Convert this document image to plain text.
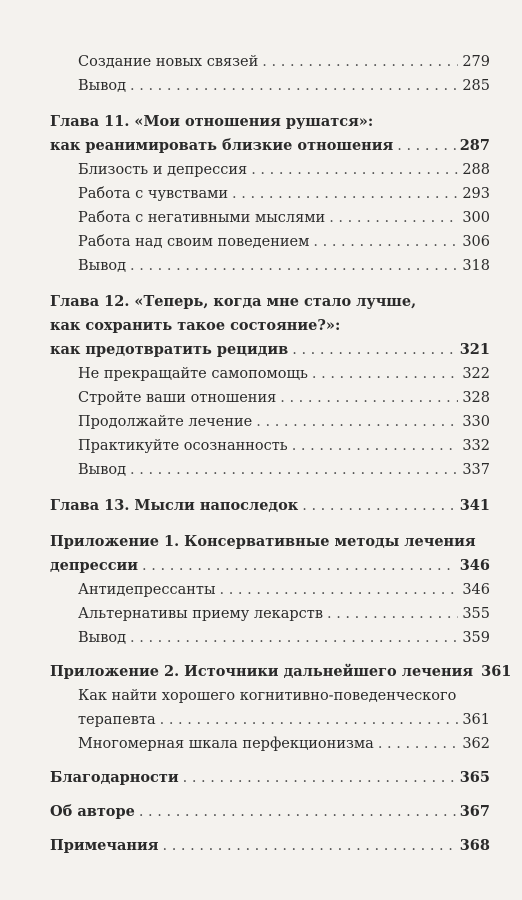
Создание новых связей . . .	279
Вывод . . .	285
Глава 11. «Мои отношения рушатся»:
как реанимировать близкие отношения . . .	287
Близость и депрессия . . .	288
Работа с чувствами . . .	293
Работа с негативными мыслями . . .	300
Работа над своим поведением . . .	306
Вывод . . .	318
Глава 12. «Теперь, когда мне стало лучше,
как сохранить такое состояние?»:
как предотвратить рецидив . . .	321
Не прекращайте самопомощь . . .	322
Стройте ваши отношения . . .	328
Продолжайте лечение . . .	330
Практикуйте осознанность . . .	332
Вывод . . .	337
Глава 13. Мысли напоследок . . .	341
Приложение 1. Консервативные методы лечения
депрессии . . .	346
Антидепрессанты . . .	346
Альтернативы приему лекарств . . .	355
Вывод . . .	359
Приложение 2. Источники дальнейшего лечения 361
Как найти хорошего когнитивно-поведенческого
терапевта . . .	361
Многомерная шкала перфекционизма . . .	362
Благодарности . . .	365
Об авторе . . .	367
Примечания . . .	368
